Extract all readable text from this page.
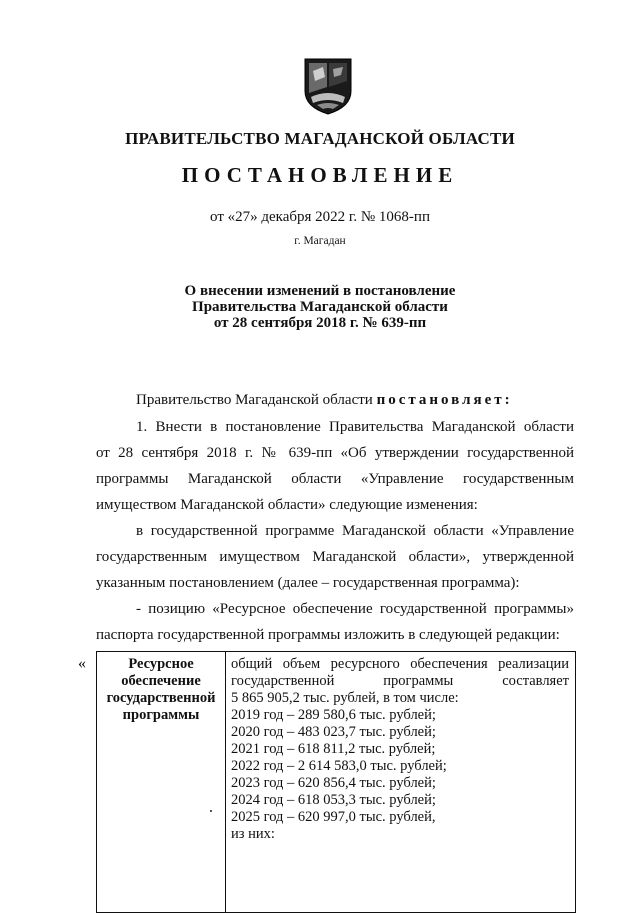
ПРАВИТЕЛЬСТВО МАГАДАНСКОЙ ОБЛАСТИ
ПОСТАНОВЛЕНИЕ
от «27» декабря 2022 г. № 1068-пп
г. Магадан
О внесении изменений в постановление
Правительства Магаданской области
от 28 сентября 2018 г. № 639-пп
Правительство Магаданской области постановляет:
1. Внести в постановление Правительства Магаданской области
от 28 сентября 2018 г. № 639-пп «Об утверждении государственной
программы Магаданской области «Управление государственным
имуществом Магаданской области» следующие изменения:
в государственной программе Магаданской области «Управление
государственным имуществом Магаданской области», утвержденной
указанным постановлением (далее – государственная программа):
- позицию «Ресурсное обеспечение государственной программы»
паспорта государственной программы изложить в следующей редакции:
«	Ресурсное
обеспечение
государственной
программы
общий объем ресурсного обеспечения реализации
государственной программы составляет
5 865 905,2 тыс. рублей, в том числе:
2019 год – 289 580,6 тыс. рублей;
2020 год – 483 023,7 тыс. рублей;
2021 год – 618 811,2 тыс. рублей;
2022 год – 2 614 583,0 тыс. рублей;
2023 год – 620 856,4 тыс. рублей;
2024 год – 618 053,3 тыс. рублей;
2025 год – 620 997,0 тыс. рублей,
из них:
